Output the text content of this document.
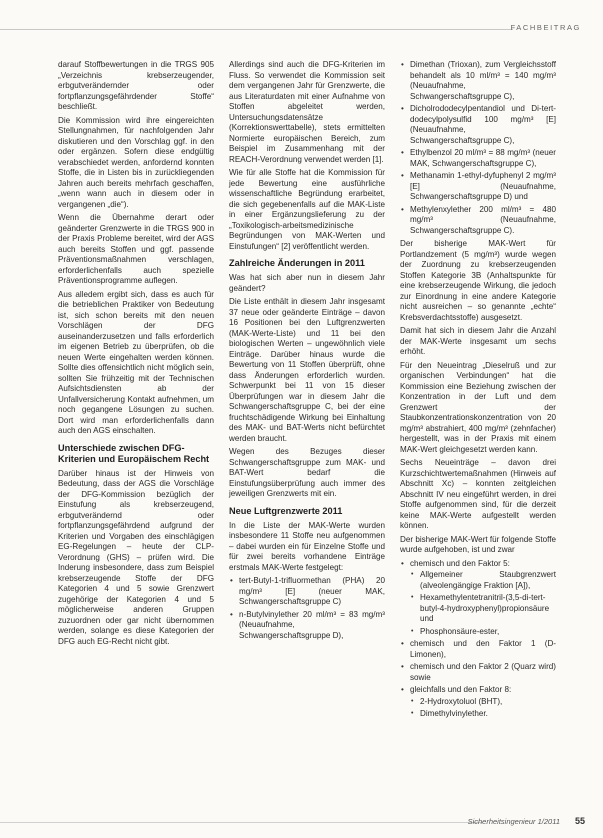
FACHBEITRAG

darauf Stoffbewertungen in die TRGS 905 „Verzeichnis krebserzeugender, erbgutverändernder oder fortpflanzungsgefährdender Stoffe“ beschließt.

Die Kommission wird ihre eingereichten Stellungnahmen, für nachfolgenden Jahr diskutieren und den Vorschlag ggf. in den oder ergänzen. Sofern diese endgültig verabschiedet werden, anfordernd konnten Stoffe, die in Listen bis in zurückliegenden Jahren auch bereits mehrfach geschaffen, „wenn wann auch in diesem oder in vergangenen „die“).

Wenn die Übernahme derart oder geänderter Grenzwerte in die TRGS 900 in der Praxis Probleme bereitet, wird der AGS auch bereits Stoffen und ggf. passende Präventionsmaßnahmen verschlagen, erforderlichenfalls auch spezielle Präventionsprogramme auflegen.

Aus alledem ergibt sich, dass es auch für die betrieblichen Praktiker von Bedeutung ist, sich schon bereits mit den neuen Vorschlägen der DFG auseinanderzusetzen und falls erforderlich im eigenen Betrieb zu überprüfen, ob die neuen Werte eingehalten werden können. Sollte dies offensichtlich nicht möglich sein, sollten Sie frühzeitig mit der Technischen Aufsichtsdiensten ab der Unfallversicherung Kontakt aufnehmen, um noch gegangene Lösungen zu suchen. Dort wird man erforderlichenfalls dann auch den AGS einschalten.

Unterschiede zwischen DFG-Kriterien und Europäischem Recht

Darüber hinaus ist der Hinweis von Bedeutung, dass der AGS die Vorschläge der DFG-Kommission bezüglich der Einstufung als krebserzeugend, erbgutverändernd oder fortpflanzungsgefährdend aufgrund der Kriterien und Vorgaben des einschlägigen EG-Regelungen – heute der CLP-Verordnung (GHS) – prüfen wird. Die Inderung insbesondere, dass zum Beispiel krebserzeugende Stoffe der DFG Kategorien 4 und 5 sowie Grenzwert zugehörige der Kategorien 4 und 5 möglicherweise anderen Gruppen zuzuordnen oder gar nicht übernommen werden, solange es diese Kategorien der DFG auch EG-Recht nicht gibt.

Allerdings sind auch die DFG-Kriterien im Fluss. So verwendet die Kommission seit dem vergangenen Jahr für Grenzwerte, die aus Literaturdaten mit einer Aufnahme von Stoffen abgeleitet werden, Untersuchungsdatensätze (Korrektionswerttabelle), stets ermittelten Normierte europäischen Bereich, zum Beispiel im Zusammenhang mit der REACH-Verordnung verwendet werden [1].

Wie für alle Stoffe hat die Kommission für jede Bewertung eine ausführliche wissenschaftliche Begründung erarbeitet, die sich gegebenenfalls auf die MAK-Liste in einer Ergänzungslieferung zu der „Toxikologisch-arbeitsmedizinische Begründungen von MAK-Werten und Einstufungen“ [2] veröffentlicht werden.

Zahlreiche Änderungen in 2011

Was hat sich aber nun in diesem Jahr geändert?

Die Liste enthält in diesem Jahr insgesamt 37 neue oder geänderte Einträge – davon 16 Positionen bei den Luftgrenzwerten (MAK-Werte-Liste) und 11 bei den biologischen Werten – ungewöhnlich viele Einträge. Darüber hinaus wurde die Bewertung von 11 Stoffen überprüft, ohne dass Änderungen erforderlich wurden. Schwerpunkt bei 11 von 15 dieser Überprüfungen war in diesem Jahr die Schwangerschaftsgruppe C, bei der eine fruchtschädigende Wirkung bei Einhaltung des MAK- und BAT-Werts nicht befürchtet werden braucht.

Wegen des Bezuges dieser Schwangerschaftsgruppe zum MAK- und BAT-Wert bedarf die Einstufungsüberprüfung auch immer des jeweiligen Grenzwerts mit ein.

Neue Luftgrenzwerte 2011

In die Liste der MAK-Werte wurden insbesondere 11 Stoffe neu aufgenommen – dabei wurden ein für Einzelne Stoffe und für zwei bereits vorhandene Einträge erstmals MAK-Werte festgelegt:

• tert-Butyl-1-trifluormethan (PHA) 20 mg/m³ [E] (neuer MAK, Schwangerschaftsgruppe C)
• n-Butylvinylether 20 ml/m³ = 83 mg/m³ (Neuaufnahme, Schwangerschaftsgruppe D),
• Dimethan (Trioxan), zum Vergleichsstoff behandelt als 10 ml/m³ = 140 mg/m³ (Neuaufnahme, Schwangerschaftsgruppe C),
• Dicholrododecylpentandiol und Di-tert-dodecylpolysulfid 100 mg/m³ [E] (Neuaufnahme, Schwangerschaftsgruppe C),
• Ethylbenzol 20 ml/m³ = 88 mg/m³ (neuer MAK, Schwangerschaftsgruppe C),
• Methanamin 1-ethyl-dyfuphenyl 2 mg/m³ [E] (Neuaufnahme, Schwangerschaftsgruppe D) und
• Methylenxylether 200 ml/m³ = 480 mg/m³ (Neuaufnahme, Schwangerschaftsgruppe C).

Der bisherige MAK-Wert für Portlandzement (5 mg/m³) wurde wegen der Zuordnung zu krebserzeugenden Stoffen Kategorie 3B (Anhaltspunkte für eine krebserzeugende Wirkung, die jedoch zur Einordnung in eine andere Kategorie nicht ausreichen – so genannte „echte“ Krebsverdachtsstoffe) ausgesetzt.

Damit hat sich in diesem Jahr die Anzahl der MAK-Werte insgesamt um sechs erhöht.

Für den Neueintrag „Dieselruß und zur organischen Verbindungen“ hat die Kommission eine Beziehung zwischen der Konzentration in der Luft und dem Grenzwert der Staubkonzentrationskonzentration von 20 mg/m³ abstrahiert, 400 mg/m³ (zehnfacher) hergestellt, was in der Praxis mit einem MAK-Wert gleichgesetzt werden kann.

Sechs Neueinträge – davon drei Kurzschichtwertemaßnahmen (Hinweis auf Abschnitt Xc) – konnten zeitgleichen Abschnitt IV neu eingeführt werden, in drei Stoffe aufgenommen sind, für die derzeit keine MAK-Werte aufgestellt werden können.

Der bisherige MAK-Wert für folgende Stoffe wurde aufgehoben, ist und zwar

• chemisch und den Faktor 5:
• Allgemeiner Staubgrenzwert (alveolengängige Fraktion [A]),
• Hexamethylentetranitril-(3,5-di-tert-butyl-4-hydroxyphenyl)propionsäure und
• Phosphonsäure-ester,
• chemisch und den Faktor 1 (D-Limonen),
• chemisch und den Faktor 2 (Quarz wird) sowie
• gleichfalls und den Faktor 8:
• 2-Hydroxytoluol (BHT),
• Dimethylvinylether.
Sicherheitsingenieur 1/2011 55
